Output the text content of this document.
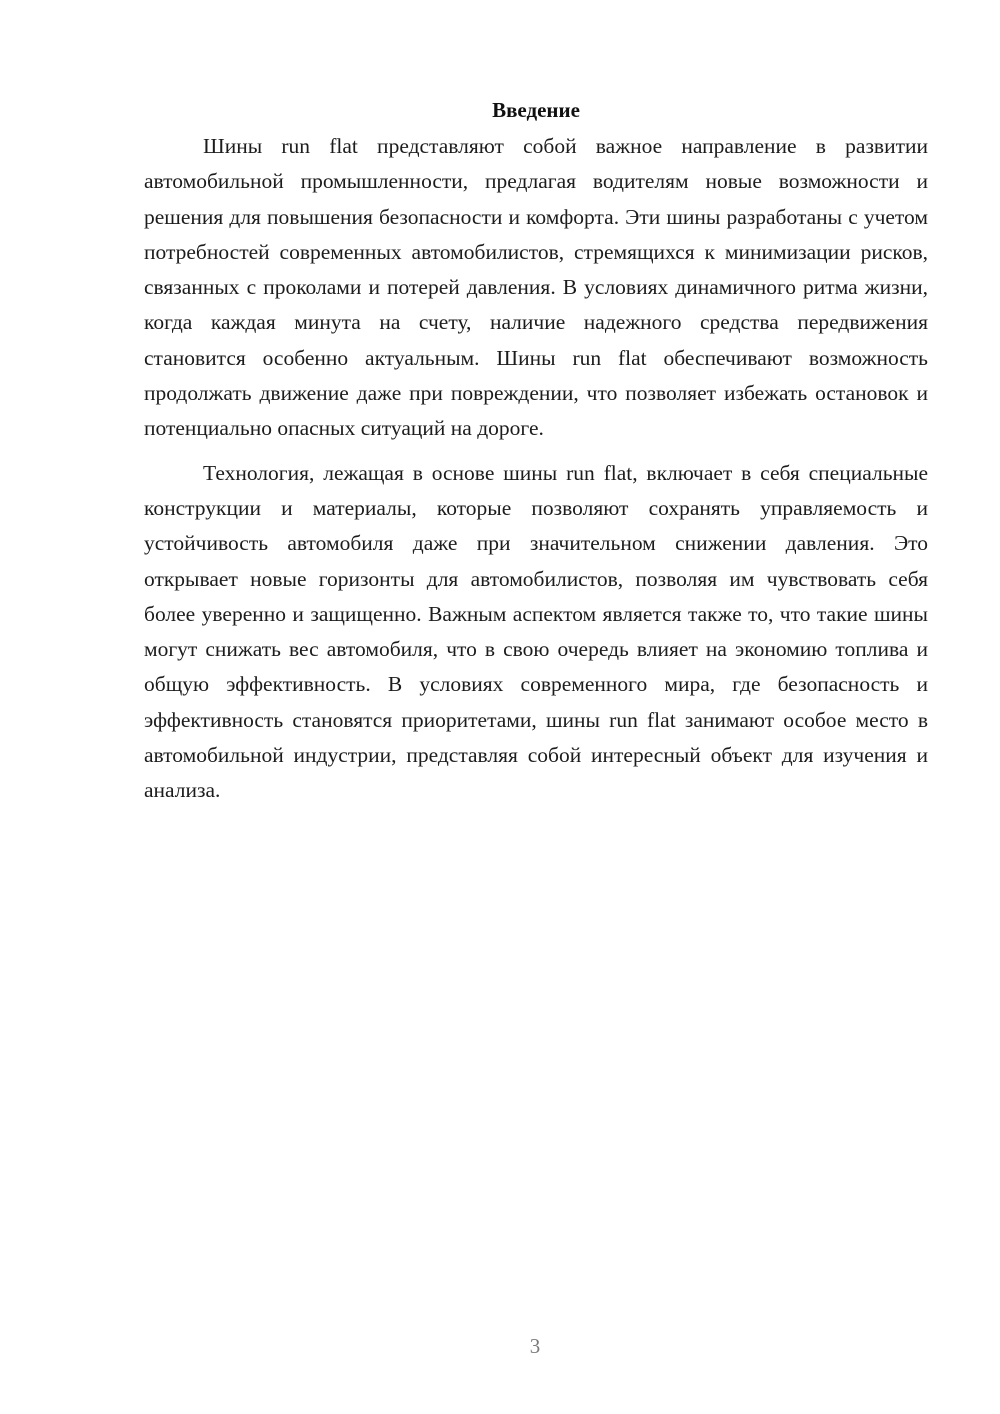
Введение

Шины run flat представляют собой важное направление в развитии автомобильной промышленности, предлагая водителям новые возможности и решения для повышения безопасности и комфорта. Эти шины разработаны с учетом потребностей современных автомобилистов, стремящихся к минимизации рисков, связанных с проколами и потерей давления. В условиях динамичного ритма жизни, когда каждая минута на счету, наличие надежного средства передвижения становится особенно актуальным. Шины run flat обеспечивают возможность продолжать движение даже при повреждении, что позволяет избежать остановок и потенциально опасных ситуаций на дороге.

Технология, лежащая в основе шины run flat, включает в себя специальные конструкции и материалы, которые позволяют сохранять управляемость и устойчивость автомобиля даже при значительном снижении давления. Это открывает новые горизонты для автомобилистов, позволяя им чувствовать себя более уверенно и защищенно. Важным аспектом является также то, что такие шины могут снижать вес автомобиля, что в свою очередь влияет на экономию топлива и общую эффективность. В условиях современного мира, где безопасность и эффективность становятся приоритетами, шины run flat занимают особое место в автомобильной индустрии, представляя собой интересный объект для изучения и анализа.

3
